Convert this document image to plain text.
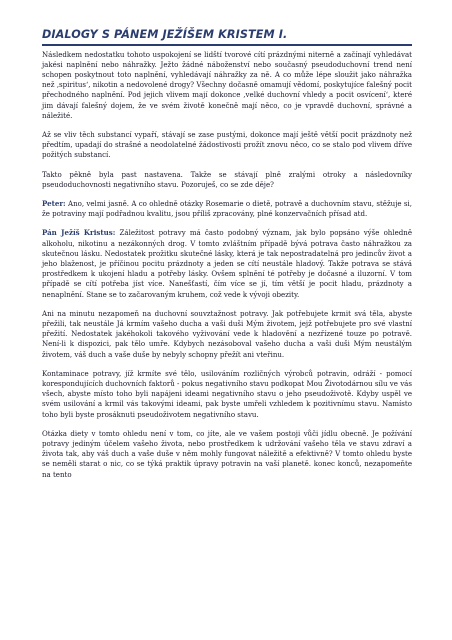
DIALOGY S PÁNEM JEŽÍŠEM KRISTEM I.

Následkem nedostatku tohoto uspokojení se lidští tvorové cítí prázdnými niterně a začínají vyhledávat jakési naplnění nebo náhražky. Ježto žádné náboženství nebo současný pseudoduchovní trend není schopen poskytnout toto naplnění, vyhledávají náhražky za ně. A co může lépe sloužit jako náhražka než ‚spiritus‘, nikotin a nedovolené drogy? Všechny dočasně omamují vědomí, poskytujíce falešný pocit přechodného naplnění. Pod jejich vlivem mají dokonce ‚velké duchovní vhledy a pocit osvícení‘, které jim dávají falešný dojem, že ve svém životě konečně mají něco, co je vpravdě duchovní, správné a náležité.

Až se vliv těch substancí vypaří, stávají se zase pustými, dokonce mají ještě větší pocit prázdnoty než předtím, upadají do strašné a neodolatelné žádostivosti prožít znovu něco, co se stalo pod vlivem dříve požitých substancí.

Takto pěkně byla past nastavena. Takže se stávají plně zralými otroky a následovníky pseudoduchovnosti negativního stavu. Pozoruješ, co se zde děje?

Peter: Ano, velmi jasně. A co ohledně otázky Rosemarie o dietě, potravě a duchovním stavu, stěžuje si, že potraviny mají podřadnou kvalitu, jsou příliš zpracovány, plné konzervačních přísad atd.

Pán Ježíš Kristus: Záležitost potravy má často podobný význam, jak bylo popsáno výše ohledně alkoholu, nikotinu a nezákonných drog. V tomto zvláštním případě bývá potrava často náhražkou za skutečnou lásku. Nedostatek prožitku skutečné lásky, která je tak nepostradatelná pro jedincův život a jeho blaženost, je příčinou pocitu prázdnoty a jeden se cítí neustále hladový. Takže potrava se stává prostředkem k ukojení hladu a potřeby lásky. Ovšem splnění té potřeby je dočasné a iluzorní. V tom případě se cítí potřeba jíst více. Nanešťastí, čím více se jí, tím větší je pocit hladu, prázdnoty a nenaplnění. Stane se to začarovaným kruhem, což vede k vývoji obezity.

Ani na minutu nezapomeň na duchovní souvztažnost potravy. Jak potřebujete krmit svá těla, abyste přežili, tak neustále Já krmím vašeho ducha a vaši duši Mým životem, jejž potřebujete pro své vlastní přežití. Nedostatek jakéhokoli takového vyživování vede k hladovění a nezřízené touze po potravě. Není-li k dispozici, pak tělo umře. Kdybych nezásoboval vašeho ducha a vaši duši Mým neustálým životem, váš duch a vaše duše by nebyly schopny přežít ani vteřinu.

Kontaminace potravy, jíž krmíte své tělo, usilováním rozličných výrobců potravin, odráží - pomocí korespondujících duchovních faktorů - pokus negativního stavu podkopat Mou Životodárnou sílu ve vás všech, abyste místo toho byli napájeni ideami negativního stavu o jeho pseudoživotě. Kdyby uspěl ve svém usilování a krmil vás takovými ideami, pak byste umřeli vzhledem k pozitivnímu stavu. Namísto toho byli byste prosáknuti pseudoživotem negativního stavu.

Otázka diety v tomto ohledu není v tom, co jíte, ale ve vašem postoji vůči jídlu obecně. Je požívání potravy jediným účelem vašeho života, nebo prostředkem k udržování vašeho těla ve stavu zdraví a života tak, aby váš duch a vaše duše v něm mohly fungovat náležitě a efektivně? V tomto ohledu byste se neměli starat o nic, co se týká praktik úpravy potravin na vaší planetě. konec konců, nezapomeňte na tento
